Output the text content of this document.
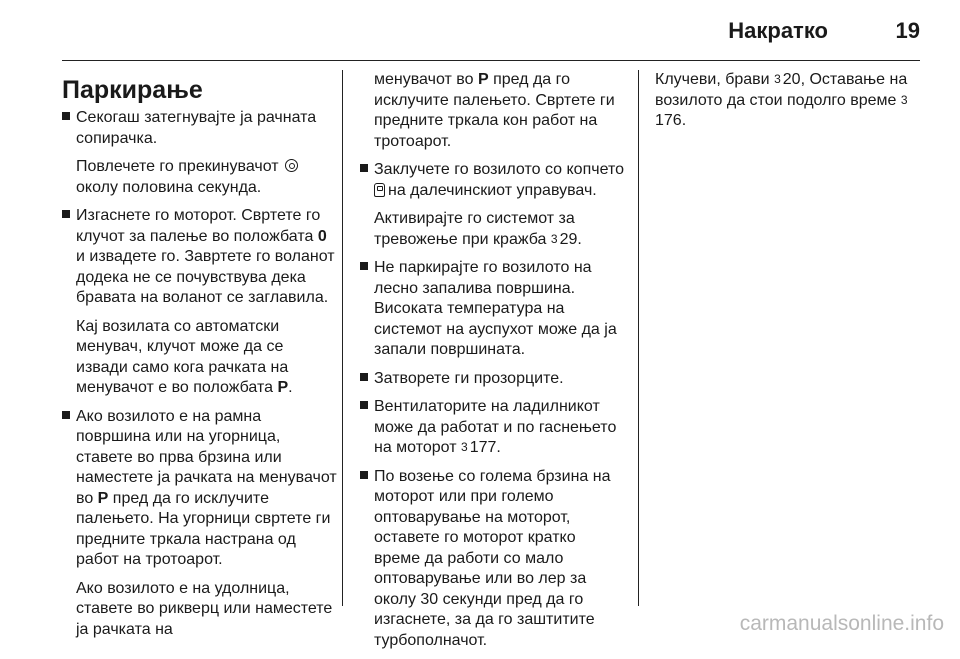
Накратко	19
Паркирање

Секогаш затегнувајте ја рачната сопирачка.

Повлечете го прекинувачот  околу половина секунда.

Изгаснете го моторот. Свртете го клучот за палење во положбата 0 и извадете го. Завртете го воланот додека не се почувствува дека бравата на воланот се заглавила.

Кај возилата со автоматски менувач, клучот може да се извади само кога рачката на менувачот е во положбата P.

Ако возилото е на рамна површина или на угорница, ставете во прва брзина или наместете ја рачката на менувачот во P пред да го исклучите палењето. На угорници свртете ги предните тркала настрана од работ на тротоарот.

Ако возилото е на удолница, ставете во рикверц или наместете ја рачката на

менувачот во P пред да го исклучите палењето. Свртете ги предните тркала кон работ на тротоарот.

Заклучете го возилото со копчето на далечинскиот управувач.

Активирајте го системот за тревожење при кражба 3 29.

Не паркирајте го возилото на лесно запалива површина. Високата температура на системот на ауспухот може да ја запали површината.

Затворете ги прозорците.

Вентилаторите на ладилникот може да работат и по гаснењето на моторот 3 177.

По возење со голема брзина на моторот или при големо оптоварување на моторот, оставете го моторот кратко време да работи со мало оптоварување или во лер за околу 30 секунди пред да го изгаснете, за да го заштитите турбополначот.

Клучеви, брави 3 20, Оставање на возилото да стои подолго време 3176.

carmanualsonline.info
